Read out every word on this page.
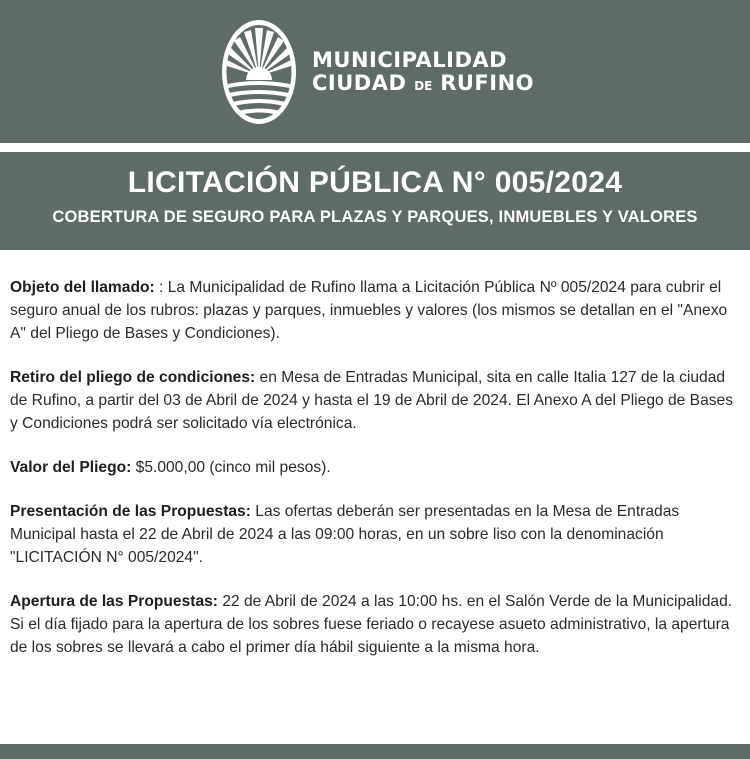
MUNICIPALIDAD
CIUDAD DE RUFINO
LICITACIÓN PÚBLICA N° 005/2024
COBERTURA DE SEGURO PARA PLAZAS Y PARQUES, INMUEBLES Y VALORES

Objeto del llamado: : La Municipalidad de Rufino llama a Licitación Pública Nº 005/2024 para cubrir el seguro anual de los rubros: plazas y parques, inmuebles y valores (los mismos se detallan en el "Anexo A" del Pliego de Bases y Condiciones).

Retiro del pliego de condiciones: en Mesa de Entradas Municipal, sita en calle Italia 127 de la ciudad de Rufino, a partir del 03 de Abril de 2024 y hasta el 19 de Abril de 2024. El Anexo A del Pliego de Bases y Condiciones podrá ser solicitado vía electrónica.

Valor del Pliego: $5.000,00 (cinco mil pesos).

Presentación de las Propuestas: Las ofertas deberán ser presentadas en la Mesa de Entradas Municipal hasta el 22 de Abril de 2024 a las 09:00 horas, en un sobre liso con la denominación "LICITACIÓN N° 005/2024".

Apertura de las Propuestas: 22 de Abril de 2024 a las 10:00 hs. en el Salón Verde de la Municipalidad. Si el día fijado para la apertura de los sobres fuese feriado o recayese asueto administrativo, la apertura de los sobres se llevará a cabo el primer día hábil siguiente a la misma hora.
